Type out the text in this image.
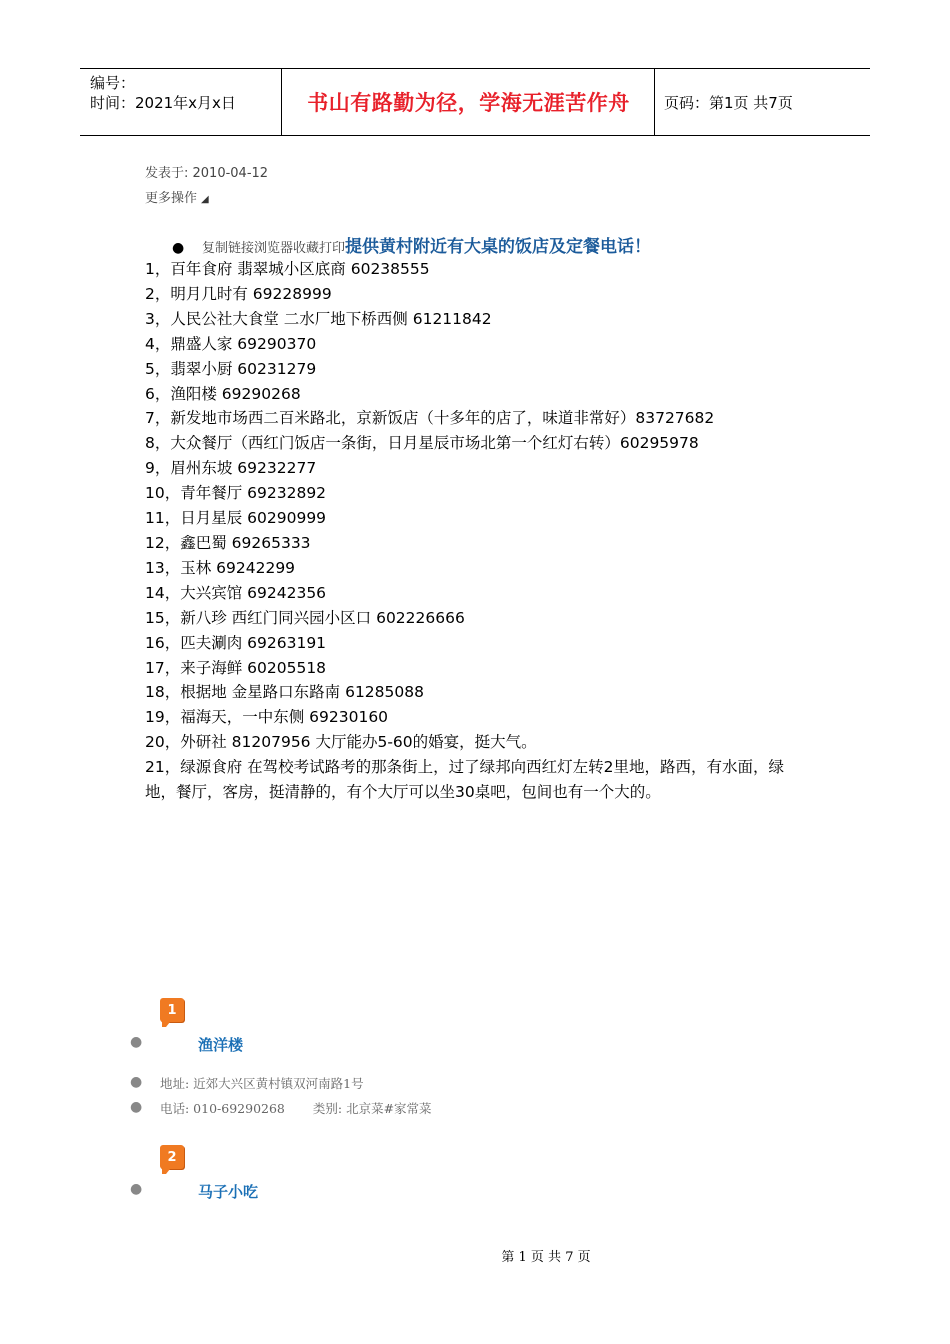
编号：
时间：2021年x月x日	书山有路勤为径，学海无涯苦作舟	页码：第1页 共7页
发表于: 2010-04-12
更多操作 ◢
● 复制链接浏览器收藏打印提供黄村附近有大桌的饭店及定餐电话！
1，百年食府 翡翠城小区底商 60238555
2，明月几时有 69228999
3，人民公社大食堂 二水厂地下桥西侧 61211842
4，鼎盛人家 69290370
5，翡翠小厨 60231279
6，渔阳楼 69290268
7，新发地市场西二百米路北，京新饭店（十多年的店了，味道非常好）83727682
8，大众餐厅（西红门饭店一条街，日月星辰市场北第一个红灯右转）60295978
9，眉州东坡 69232277
10，青年餐厅 69232892
11，日月星辰 60290999
12，鑫巴蜀 69265333
13，玉林 69242299
14，大兴宾馆 69242356
15，新八珍 西红门同兴园小区口 602226666
16，匹夫涮肉 69263191
17，来子海鲜 60205518
18，根据地 金星路口东路南 61285088
19，福海天，一中东侧 69230160
20，外研社 81207956 大厅能办5-60的婚宴，挺大气。
21，绿源食府 在驾校考试路考的那条街上，过了绿邦向西红灯左转2里地，路西，有水面，绿地，餐厅，客房，挺清静的，有个大厅可以坐30桌吧，包间也有一个大的。
1
●	渔洋楼
● 地址: 近郊大兴区黄村镇双河南路1号
● 电话: 010-69290268 类别: 北京菜#家常菜
2
●	马子小吃
第 1 页 共 7 页
